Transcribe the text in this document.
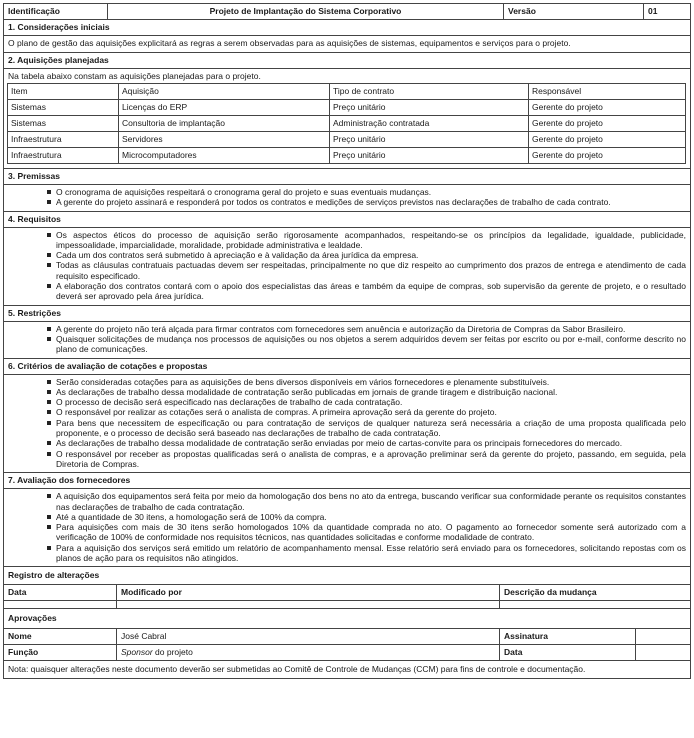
Identificação	Projeto de Implantação do Sistema Corporativo	Versão	01
1. Considerações iniciais
O plano de gestão das aquisições explicitará as regras a serem observadas para as aquisições de sistemas, equipamentos e serviços para o projeto.
2. Aquisições planejadas
Na tabela abaixo constam as aquisições planejadas para o projeto.
Item	Aquisição	Tipo de contrato	Responsável
Sistemas	Licenças do ERP	Preço unitário	Gerente do projeto
Sistemas	Consultoria de implantação	Administração contratada	Gerente do projeto
Infraestrutura	Servidores	Preço unitário	Gerente do projeto
Infraestrutura	Microcomputadores	Preço unitário	Gerente do projeto
3. Premissas
O cronograma de aquisições respeitará o cronograma geral do projeto e suas eventuais mudanças.
A gerente do projeto assinará e responderá por todos os contratos e medições de serviços previstos nas declarações de trabalho de cada contrato.
4. Requisitos
Os aspectos éticos do processo de aquisição serão rigorosamente acompanhados, respeitando-se os princípios da legalidade, igualdade, publicidade, impessoalidade, imparcialidade, moralidade, probidade administrativa e lealdade.
Cada um dos contratos será submetido à apreciação e à validação da área jurídica da empresa.
Todas as cláusulas contratuais pactuadas devem ser respeitadas, principalmente no que diz respeito ao cumprimento dos prazos de entrega e atendimento de cada requisito especificado.
A elaboração dos contratos contará com o apoio dos especialistas das áreas e também da equipe de compras, sob supervisão da gerente de projeto, e o resultado deverá ser aprovado pela área jurídica.
5. Restrições
A gerente do projeto não terá alçada para firmar contratos com fornecedores sem anuência e autorização da Diretoria de Compras da Sabor Brasileiro.
Quaisquer solicitações de mudança nos processos de aquisições ou nos objetos a serem adquiridos devem ser feitas por escrito ou por e-mail, conforme descrito no plano de comunicações.
6. Critérios de avaliação de cotações e propostas
Serão consideradas cotações para as aquisições de bens diversos disponíveis em vários fornecedores e plenamente substituíveis.
As declarações de trabalho dessa modalidade de contratação serão publicadas em jornais de grande tiragem e distribuição nacional.
O processo de decisão será especificado nas declarações de trabalho de cada contratação.
O responsável por realizar as cotações será o analista de compras. A primeira aprovação será da gerente do projeto.
Para bens que necessitem de especificação ou para contratação de serviços de qualquer natureza será necessária a criação de uma proposta qualificada pelo proponente, e o processo de decisão será baseado nas declarações de trabalho de cada contratação.
As declarações de trabalho dessa modalidade de contratação serão enviadas por meio de cartas-convite para os principais fornecedores do mercado.
O responsável por receber as propostas qualificadas será o analista de compras, e a aprovação preliminar será da gerente do projeto, passando, em seguida, pela Diretoria de Compras.
7. Avaliação dos fornecedores
A aquisição dos equipamentos será feita por meio da homologação dos bens no ato da entrega, buscando verificar sua conformidade perante os requisitos constantes nas declarações de trabalho de cada contratação.
Até a quantidade de 30 itens, a homologação será de 100% da compra.
Para aquisições com mais de 30 itens serão homologados 10% da quantidade comprada no ato. O pagamento ao fornecedor somente será autorizado com a verificação de 100% de conformidade nos requisitos técnicos, nas quantidades solicitadas e conforme modalidade de contrato.
Para a aquisição dos serviços será emitido um relatório de acompanhamento mensal. Esse relatório será enviado para os fornecedores, solicitando repostas com os planos de ação para os requisitos não atingidos.
Registro de alterações
Data	Modificado por	Descrição da mudança
Aprovações
Nome	José Cabral	Assinatura
Função	Sponsor do projeto	Data
Nota: quaisquer alterações neste documento deverão ser submetidas ao Comitê de Controle de Mudanças (CCM) para fins de controle e documentação.
